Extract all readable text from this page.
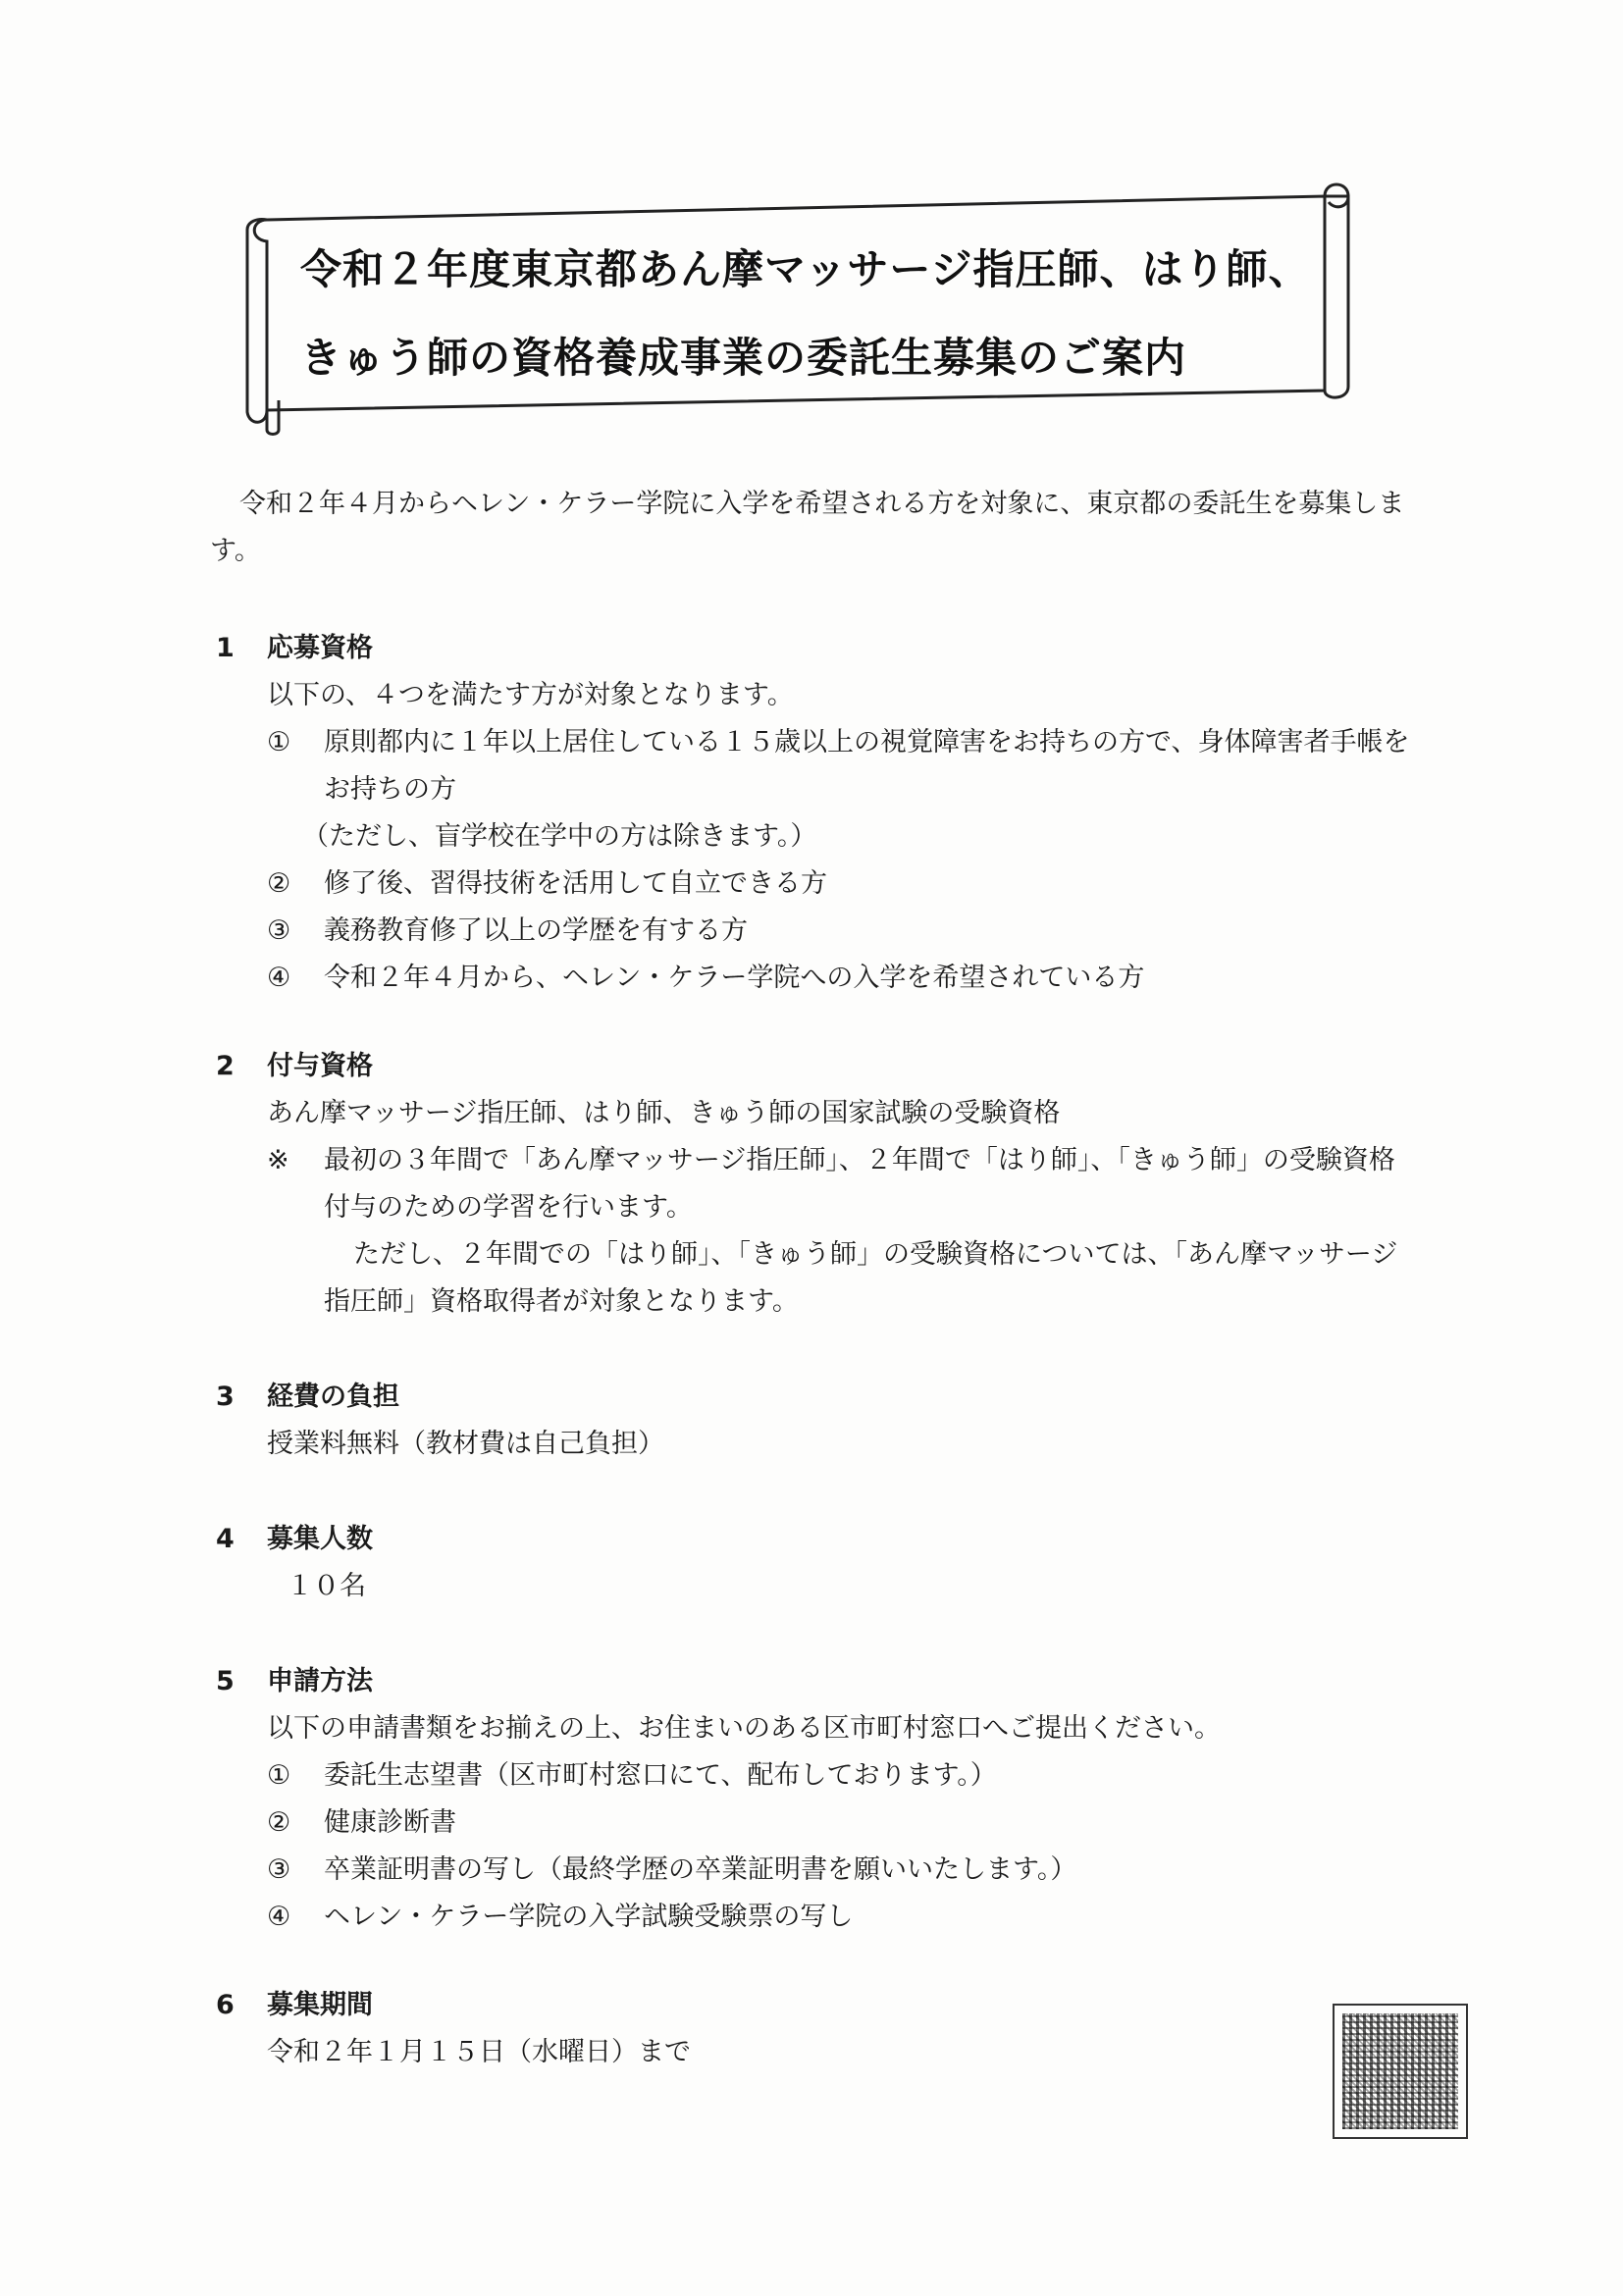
令和２年度東京都あん摩マッサージ指圧師、はり師、
きゅう師の資格養成事業の委託生募集のご案内
令和２年４月からヘレン・ケラー学院に入学を希望される方を対象に、東京都の委託生を募集します。
1 応募資格
以下の、４つを満たす方が対象となります。
①	原則都内に１年以上居住している１５歳以上の視覚障害をお持ちの方で、身体障害者手帳をお持ちの方
（ただし、盲学校在学中の方は除きます。）
②	修了後、習得技術を活用して自立できる方
③	義務教育修了以上の学歴を有する方
④	令和２年４月から、ヘレン・ケラー学院への入学を希望されている方
2 付与資格
あん摩マッサージ指圧師、はり師、きゅう師の国家試験の受験資格
※	最初の３年間で「あん摩マッサージ指圧師」、２年間で「はり師」、「きゅう師」の受験資格付与のための学習を行います。
ただし、２年間での「はり師」、「きゅう師」の受験資格については、「あん摩マッサージ指圧師」資格取得者が対象となります。
3 経費の負担
授業料無料（教材費は自己負担）
4 募集人数
１０名
5 申請方法
以下の申請書類をお揃えの上、お住まいのある区市町村窓口へご提出ください。
①	委託生志望書（区市町村窓口にて、配布しております。）
②	健康診断書
③	卒業証明書の写し（最終学歴の卒業証明書を願いいたします。）
④	ヘレン・ケラー学院の入学試験受験票の写し
6 募集期間
令和２年１月１５日（水曜日）まで
